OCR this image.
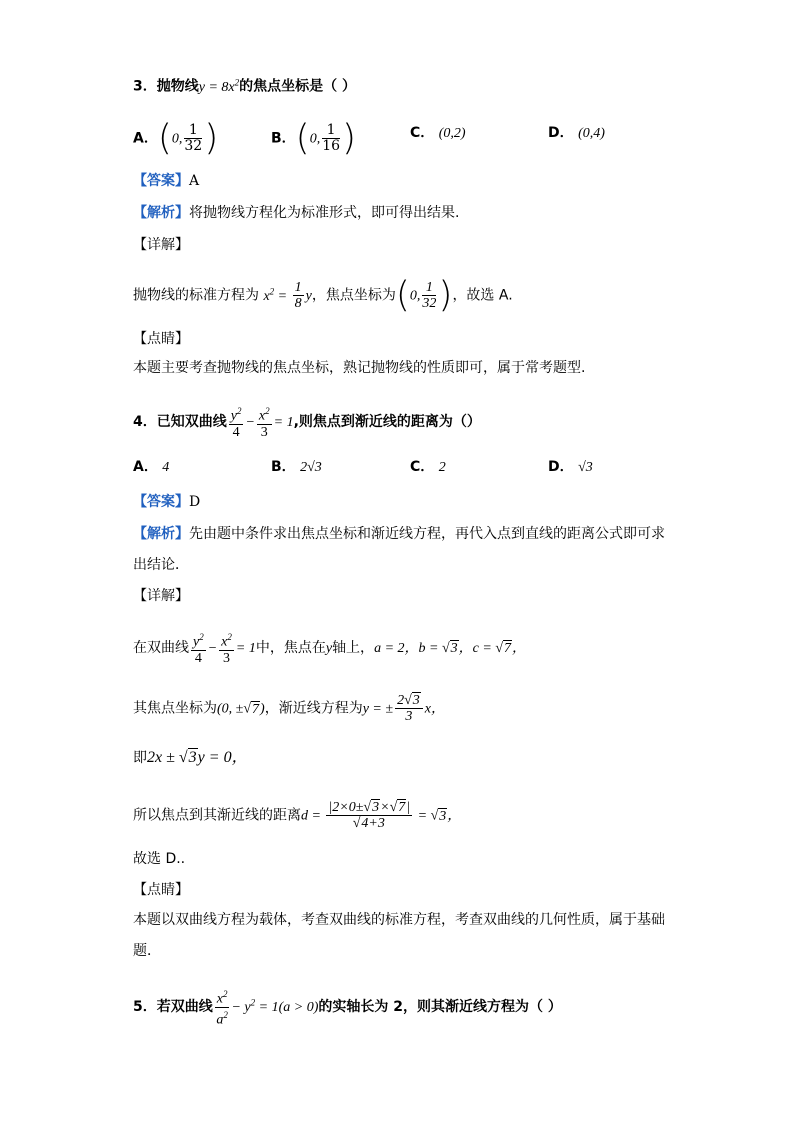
3．抛物线$y = 8x^2$的焦点坐标是（ ）
A．(0, $\frac{1}{32}$ )	B．(0, $\frac{1}{16}$ )	C． (0,2)	D． (0,4)
【答案】A
【解析】将抛物线方程化为标准形式，即可得出结果.
【详解】
抛物线的标准方程为 $x^2 = \frac{1}{8}$ y，焦点坐标为(0, $\frac{1}{32}$ )，故选 A.
【点睛】
本题主要考查抛物线的焦点坐标，熟记抛物线的性质即可，属于常考题型.
4．已知双曲线 $\frac{y^2}{4} - \frac{x^2}{3} = 1$,则焦点到渐近线的距离为（）
A． 4	B． 2√3	C． 2	D． √3
【答案】D
【解析】先由题中条件求出焦点坐标和渐近线方程，再代入点到直线的距离公式即可求
出结论．
【详解】
在双曲线 $\frac{y^2}{4} - \frac{x^2}{3} = 1$中，焦点在y轴上，a = 2，b = √3，c = √7，
其焦点坐标为(0, ±√7)，渐近线方程为y = ± $\frac{2√3}{3}$ x，
即2x ± √3y = 0，
所以焦点到其渐近线的距离$d = \frac{|2\times 0\pm√3\times√7|}{√4+3} = √3$，
故选 D..
【点睛】
本题以双曲线方程为载体，考查双曲线的标准方程，考查双曲线的几何性质，属于基础
题．
5．若双曲线 $\frac{x^2}{a^2} - y^2 = 1(a > 0)$的实轴长为 2，则其渐近线方程为（ ）
